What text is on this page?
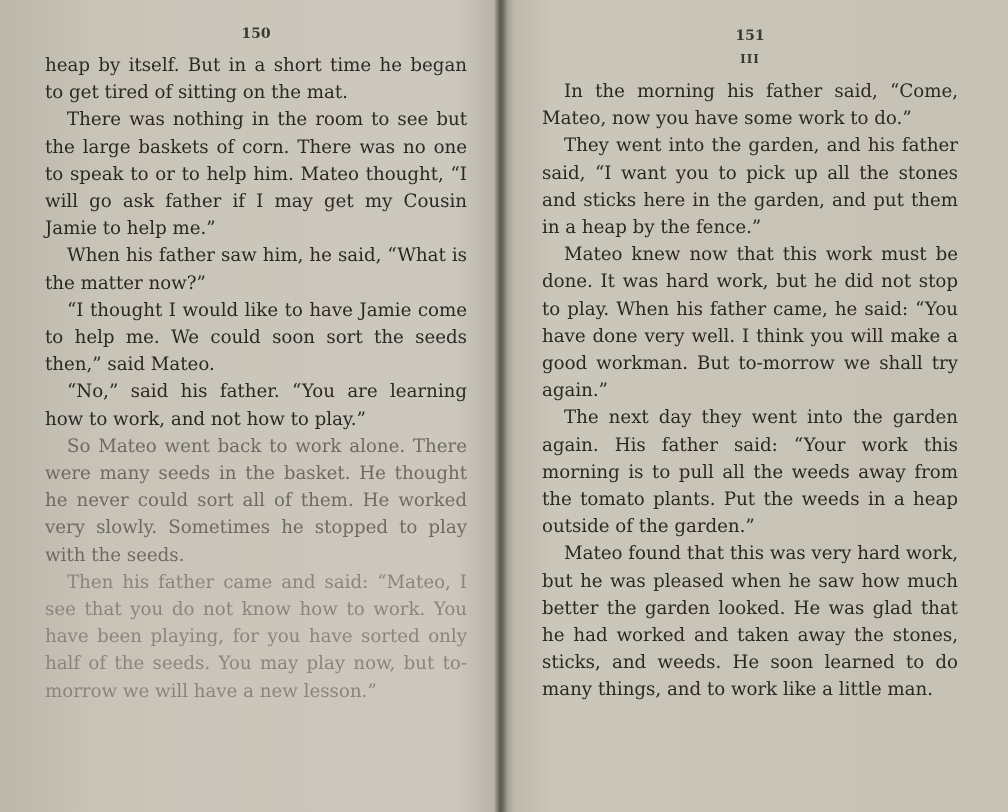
150

heap by itself. But in a short time he began to get tired of sitting on the mat.

There was nothing in the room to see but the large baskets of corn. There was no one to speak to or to help him. Mateo thought, “I will go ask father if I may get my Cousin Jamie to help me.”

When his father saw him, he said, “What is the matter now?”

“I thought I would like to have Jamie come to help me. We could soon sort the seeds then,” said Mateo.

“No,” said his father. “You are learning how to work, and not how to play.”

So Mateo went back to work alone. There were many seeds in the basket. He thought he never could sort all of them. He worked very slowly. Sometimes he stopped to play with the seeds.

Then his father came and said: “Mateo, I see that you do not know how to work. You have been playing, for you have sorted only half of the seeds. You may play now, but to-morrow we will have a new lesson.”

151
III

In the morning his father said, “Come, Mateo, now you have some work to do.”

They went into the garden, and his father said, “I want you to pick up all the stones and sticks here in the garden, and put them in a heap by the fence.”

Mateo knew now that this work must be done. It was hard work, but he did not stop to play. When his father came, he said: “You have done very well. I think you will make a good workman. But to-morrow we shall try again.”

The next day they went into the garden again. His father said: “Your work this morning is to pull all the weeds away from the tomato plants. Put the weeds in a heap outside of the garden.”

Mateo found that this was very hard work, but he was pleased when he saw how much better the garden looked. He was glad that he had worked and taken away the stones, sticks, and weeds. He soon learned to do many things, and to work like a little man.
